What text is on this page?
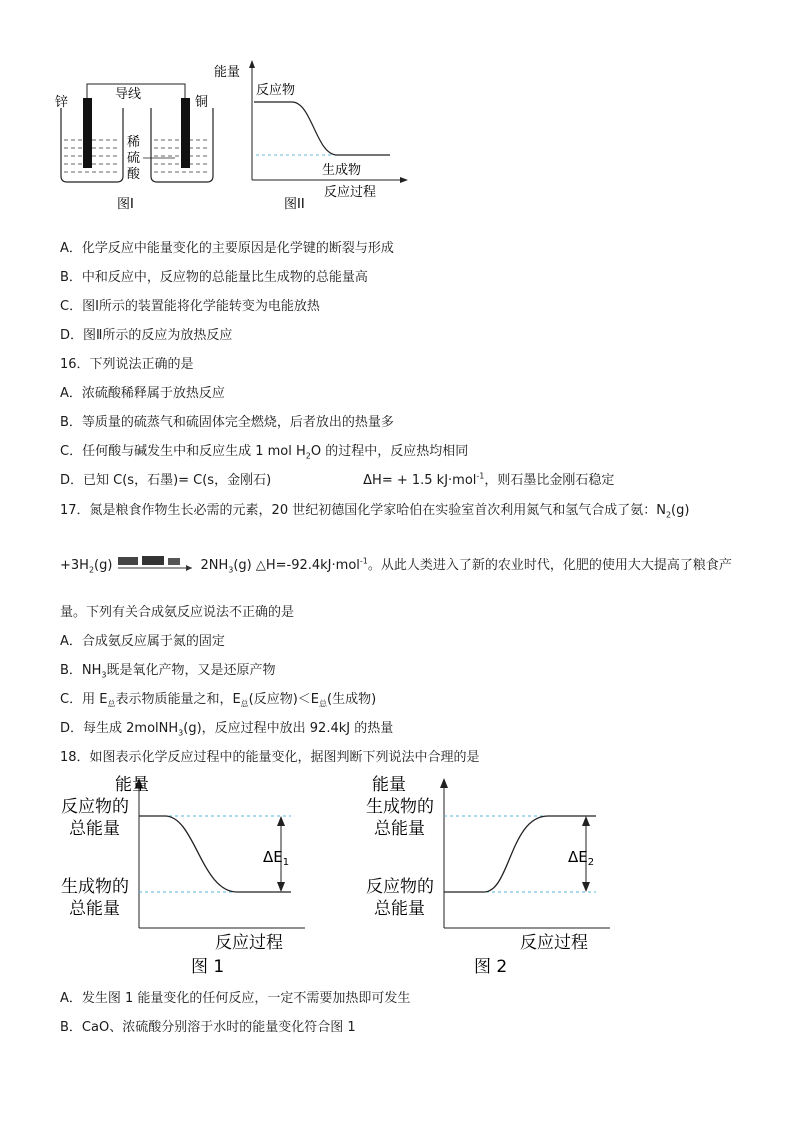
锌
导线
铜
稀
硫
酸
图I
能量
反应物
生成物
反应过程
图II
A．化学反应中能量变化的主要原因是化学键的断裂与形成
B．中和反应中，反应物的总能量比生成物的总能量高
C．图Ⅰ所示的装置能将化学能转变为电能放热
D．图Ⅱ所示的反应为放热反应
16．下列说法正确的是
A．浓硫酸稀释属于放热反应
B．等质量的硫蒸气和硫固体完全燃烧，后者放出的热量多
C．任何酸与碱发生中和反应生成 1 mol $H_2O$ 的过程中，反应热均相同
D．已知 C(s，石墨)= C(s，金刚石)	ΔH= + 1.5 kJ·mol$^{-1}$，则石墨比金刚石稳定
17．氮是粮食作物生长必需的元素，20 世纪初德国化学家哈伯在实验室首次利用氮气和氢气合成了氨：$N_2(g)$
$+3H_2(g)$	$2NH_3(g)$ △H=-92.4kJ·mol$^{-1}$。从此人类进入了新的农业时代，化肥的使用大大提高了粮食产
量。下列有关合成氨反应说法不正确的是
A．合成氨反应属于氮的固定
B．$NH_3$既是氧化产物，又是还原产物
C．用 $E_总$表示物质能量之和，$E_总$(反应物)$<E_总$(生成物)
D．每生成 2molNH$_3$(g)，反应过程中放出 92.4kJ 的热量
18．如图表示化学反应过程中的能量变化，据图判断下列说法中合理的是
能量
反应物的
总能量
生成物的
总能量
$\Delta E_1$
反应过程
图 1
能量
生成物的
总能量
反应物的
总能量
$\Delta E_2$
反应过程
图 2
A．发生图 1 能量变化的任何反应，一定不需要加热即可发生
B．CaO、浓硫酸分别溶于水时的能量变化符合图 1
